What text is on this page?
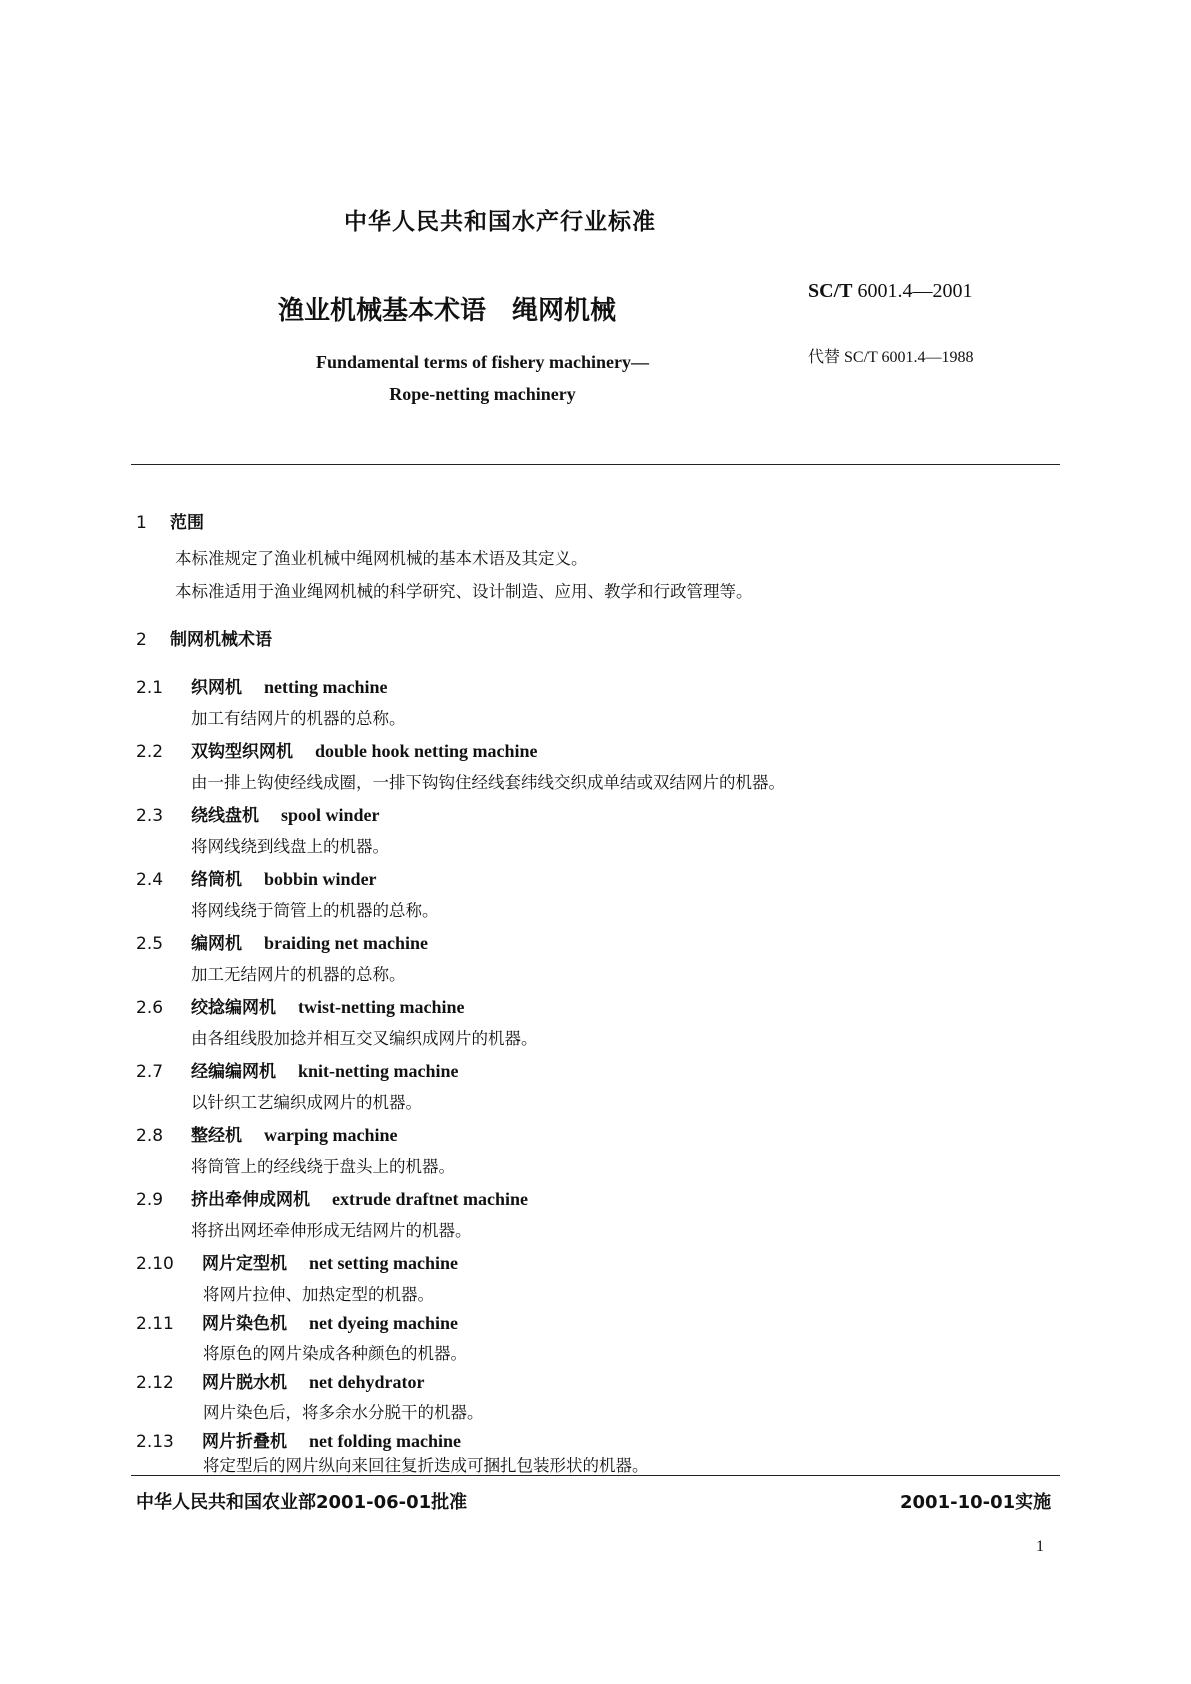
中华人民共和国水产行业标准
渔业机械基本术语　绳网机械
SC/T 6001.4—2001
代替 SC/T 6001.4—1988
Fundamental terms of fishery machinery—
Rope-netting machinery
1 范围
本标准规定了渔业机械中绳网机械的基本术语及其定义。
本标准适用于渔业绳网机械的科学研究、设计制造、应用、教学和行政管理等。
2 制网机械术语
2.1 织网机 netting machine
加工有结网片的机器的总称。
2.2 双钩型织网机 double hook netting machine
由一排上钩使经线成圈，一排下钩钩住经线套纬线交织成单结或双结网片的机器。
2.3 绕线盘机 spool winder
将网线绕到线盘上的机器。
2.4 络筒机 bobbin winder
将网线绕于筒管上的机器的总称。
2.5 编网机 braiding net machine
加工无结网片的机器的总称。
2.6 绞捻编网机 twist-netting machine
由各组线股加捻并相互交叉编织成网片的机器。
2.7 经编编网机 knit-netting machine
以针织工艺编织成网片的机器。
2.8 整经机 warping machine
将筒管上的经线绕于盘头上的机器。
2.9 挤出牵伸成网机 extrude draftnet machine
将挤出网坯牵伸形成无结网片的机器。
2.10 网片定型机 net setting machine
将网片拉伸、加热定型的机器。
2.11 网片染色机 net dyeing machine
将原色的网片染成各种颜色的机器。
2.12 网片脱水机 net dehydrator
网片染色后，将多余水分脱干的机器。
2.13 网片折叠机 net folding machine
将定型后的网片纵向来回往复折迭成可捆扎包装形状的机器。
中华人民共和国农业部2001-06-01批准	2001-10-01实施
1
